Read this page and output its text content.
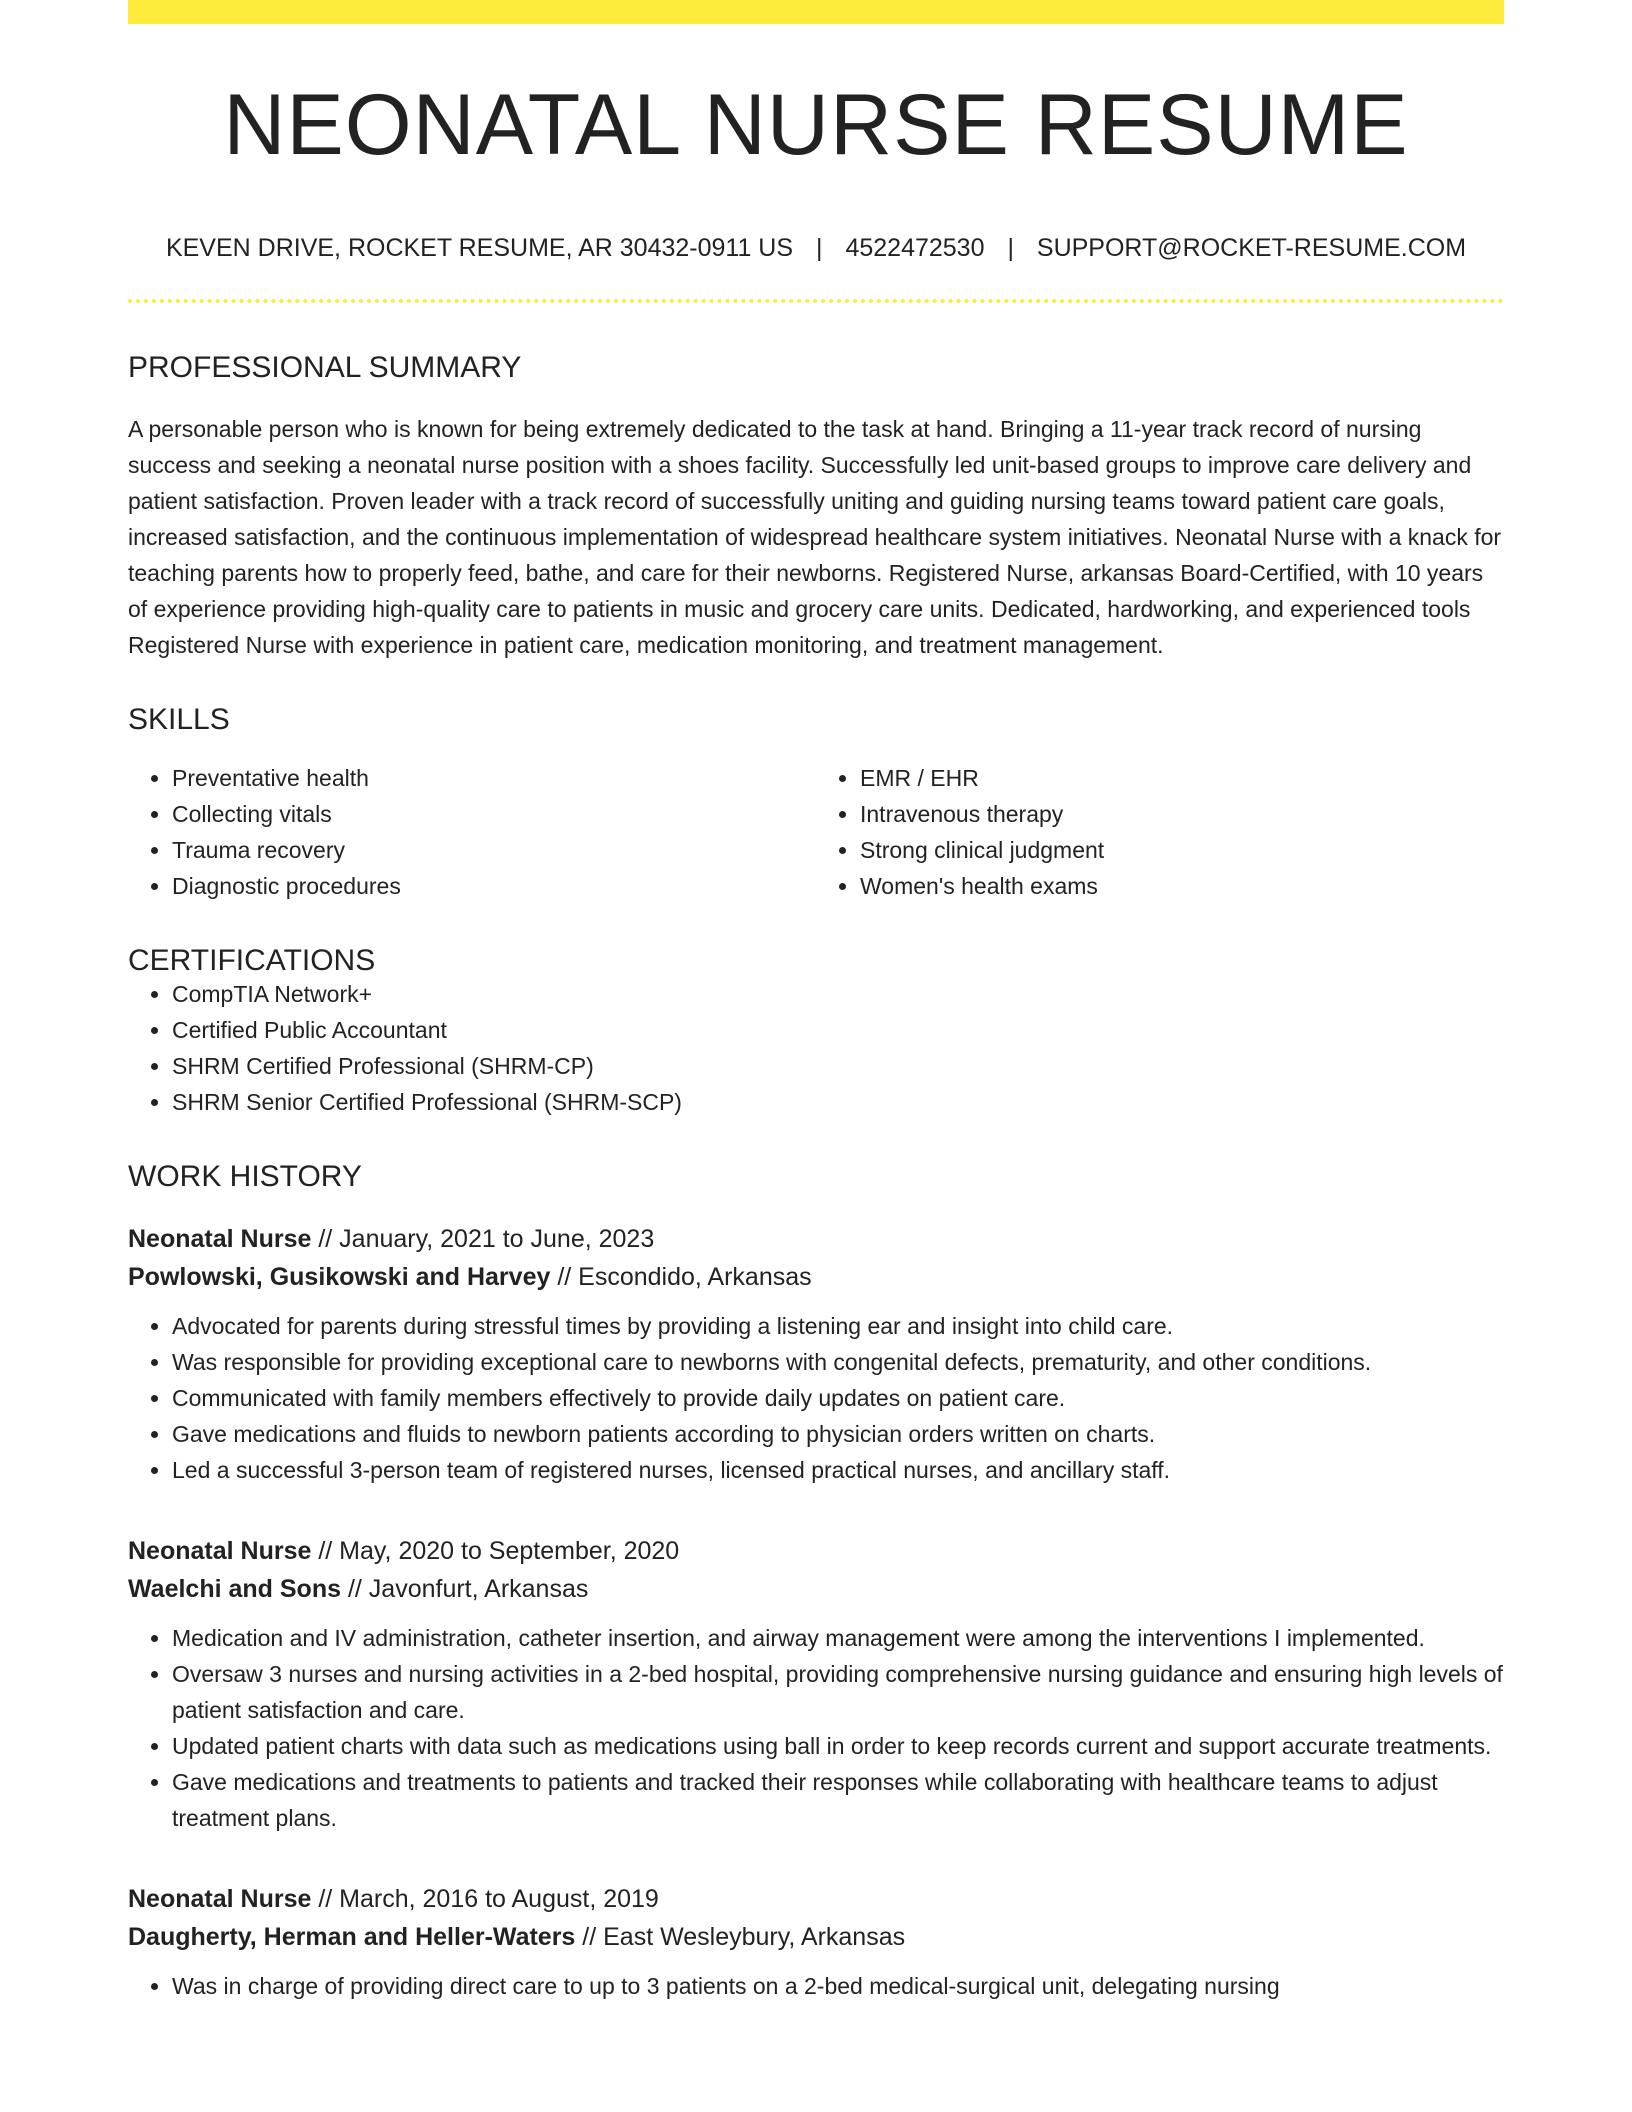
NEONATAL NURSE RESUME
KEVEN DRIVE, ROCKET RESUME, AR 30432-0911 US | 4522472530 | SUPPORT@ROCKET-RESUME.COM
PROFESSIONAL SUMMARY

A personable person who is known for being extremely dedicated to the task at hand. Bringing a 11-year track record of nursing success and seeking a neonatal nurse position with a shoes facility. Successfully led unit-based groups to improve care delivery and patient satisfaction. Proven leader with a track record of successfully uniting and guiding nursing teams toward patient care goals, increased satisfaction, and the continuous implementation of widespread healthcare system initiatives. Neonatal Nurse with a knack for teaching parents how to properly feed, bathe, and care for their newborns. Registered Nurse, arkansas Board-Certified, with 10 years of experience providing high-quality care to patients in music and grocery care units. Dedicated, hardworking, and experienced tools Registered Nurse with experience in patient care, medication monitoring, and treatment management.

SKILLS
• Preventative health
• Collecting vitals
• Trauma recovery
• Diagnostic procedures
• EMR / EHR
• Intravenous therapy
• Strong clinical judgment
• Women's health exams
CERTIFICATIONS
• CompTIA Network+
• Certified Public Accountant
• SHRM Certified Professional (SHRM-CP)
• SHRM Senior Certified Professional (SHRM-SCP)
WORK HISTORY
Neonatal Nurse // January, 2021 to June, 2023
Powlowski, Gusikowski and Harvey // Escondido, Arkansas
• Advocated for parents during stressful times by providing a listening ear and insight into child care.
• Was responsible for providing exceptional care to newborns with congenital defects, prematurity, and other conditions.
• Communicated with family members effectively to provide daily updates on patient care.
• Gave medications and fluids to newborn patients according to physician orders written on charts.
• Led a successful 3-person team of registered nurses, licensed practical nurses, and ancillary staff.
Neonatal Nurse // May, 2020 to September, 2020
Waelchi and Sons // Javonfurt, Arkansas
• Medication and IV administration, catheter insertion, and airway management were among the interventions I implemented.
• Oversaw 3 nurses and nursing activities in a 2-bed hospital, providing comprehensive nursing guidance and ensuring high levels of patient satisfaction and care.
• Updated patient charts with data such as medications using ball in order to keep records current and support accurate treatments.
• Gave medications and treatments to patients and tracked their responses while collaborating with healthcare teams to adjust treatment plans.
Neonatal Nurse // March, 2016 to August, 2019
Daugherty, Herman and Heller-Waters // East Wesleybury, Arkansas
• Was in charge of providing direct care to up to 3 patients on a 2-bed medical-surgical unit, delegating nursing
